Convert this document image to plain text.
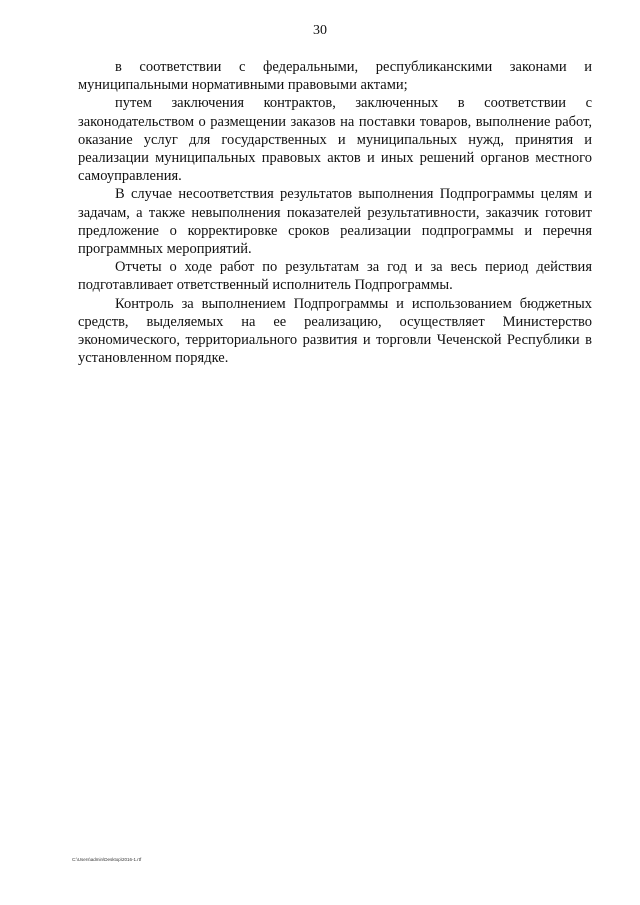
30

в соответствии с федеральными, республиканскими законами и муниципальными нормативными правовыми актами;

путем заключения контрактов, заключенных в соответствии с законодательством о размещении заказов на поставки товаров, выполнение работ, оказание услуг для государственных и муниципальных нужд, принятия и реализации муниципальных правовых актов и иных решений органов местного самоуправления.

В случае несоответствия результатов выполнения Подпрограммы целям и задачам, а также невыполнения показателей результативности, заказчик готовит предложение о корректировке сроков реализации подпрограммы и перечня программных мероприятий.

Отчеты о ходе работ по результатам за год и за весь период действия подготавливает ответственный исполнитель Подпрограммы.

Контроль за выполнением Подпрограммы и использованием бюджетных средств, выделяемых на ее реализацию, осуществляет Министерство экономического, территориального развития и торговли Чеченской Республики в установленном порядке.

C:\Users\admin\Desktop\2016-1.rtf
